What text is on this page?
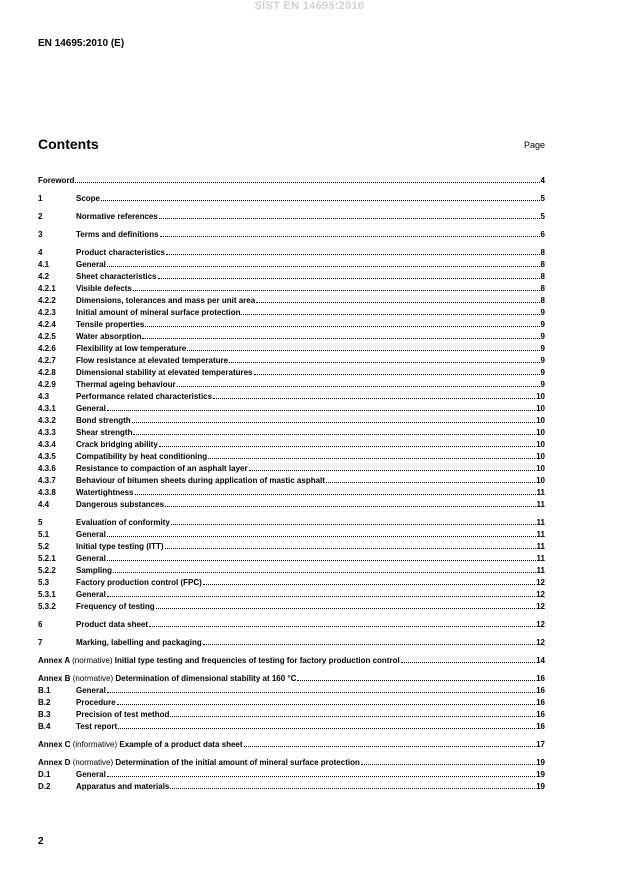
SIST EN 14695:2010
EN 14695:2010 (E)
Contents	Page
Foreword	4
1	Scope	5
2	Normative references	5
3	Terms and definitions	6
4	Product characteristics	8
4.1	General	8
4.2	Sheet characteristics	8
4.2.1	Visible defects	8
4.2.2	Dimensions, tolerances and mass per unit area	8
4.2.3	Initial amount of mineral surface protection	9
4.2.4	Tensile properties	9
4.2.5	Water absorption	9
4.2.6	Flexibility at low temperature	9
4.2.7	Flow resistance at elevated temperature	9
4.2.8	Dimensional stability at elevated temperatures	9
4.2.9	Thermal ageing behaviour	9
4.3	Performance related characteristics	10
4.3.1	General	10
4.3.2	Bond strength	10
4.3.3	Shear strength	10
4.3.4	Crack bridging ability	10
4.3.5	Compatibility by heat conditioning	10
4.3.6	Resistance to compaction of an asphalt layer	10
4.3.7	Behaviour of bitumen sheets during application of mastic asphalt	10
4.3.8	Watertightness	11
4.4	Dangerous substances	11
5	Evaluation of conformity	11
5.1	General	11
5.2	Initial type testing (ITT)	11
5.2.1	General	11
5.2.2	Sampling	11
5.3	Factory production control (FPC)	12
5.3.1	General	12
5.3.2	Frequency of testing	12
6	Product data sheet	12
7	Marking, labelling and packaging	12
Annex A (normative) Initial type testing and frequencies of testing for factory production control	14
Annex B (normative) Determination of dimensional stability at 160 °C	16
B.1	General	16
B.2	Procedure	16
B.3	Precision of test method	16
B.4	Test report	16
Annex C (informative) Example of a product data sheet	17
Annex D (normative) Determination of the initial amount of mineral surface protection	19
D.1	General	19
D.2	Apparatus and materials	19
2
